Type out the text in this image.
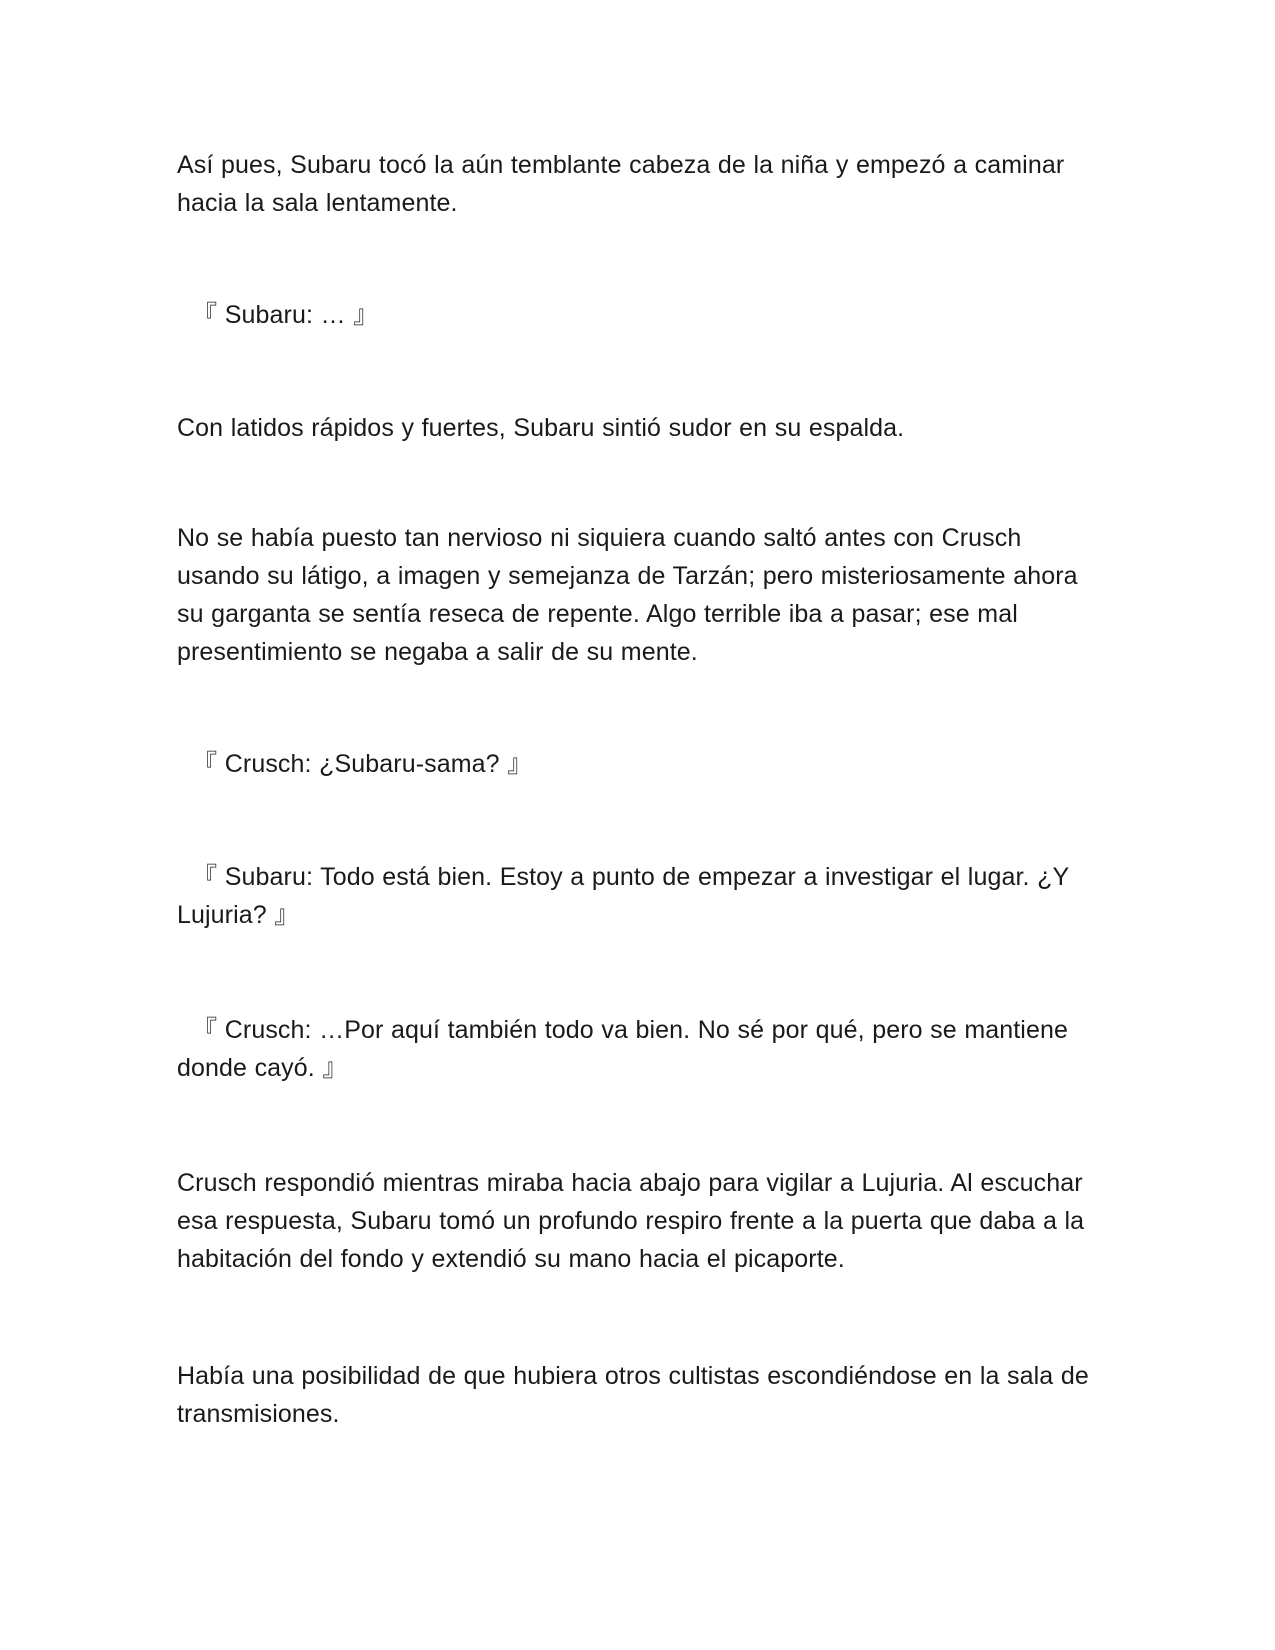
Así pues, Subaru tocó la aún temblante cabeza de la niña y empezó a caminar hacia la sala lentamente.

『 Subaru: … 』

Con latidos rápidos y fuertes, Subaru sintió sudor en su espalda.

No se había puesto tan nervioso ni siquiera cuando saltó antes con Crusch usando su látigo, a imagen y semejanza de Tarzán; pero misteriosamente ahora su garganta se sentía reseca de repente. Algo terrible iba a pasar; ese mal presentimiento se negaba a salir de su mente.

『 Crusch: ¿Subaru-sama? 』

『 Subaru: Todo está bien. Estoy a punto de empezar a investigar el lugar. ¿Y Lujuria? 』

『 Crusch: …Por aquí también todo va bien. No sé por qué, pero se mantiene donde cayó. 』

Crusch respondió mientras miraba hacia abajo para vigilar a Lujuria. Al escuchar esa respuesta, Subaru tomó un profundo respiro frente a la puerta que daba a la habitación del fondo y extendió su mano hacia el picaporte.

Había una posibilidad de que hubiera otros cultistas escondiéndose en la sala de transmisiones.
